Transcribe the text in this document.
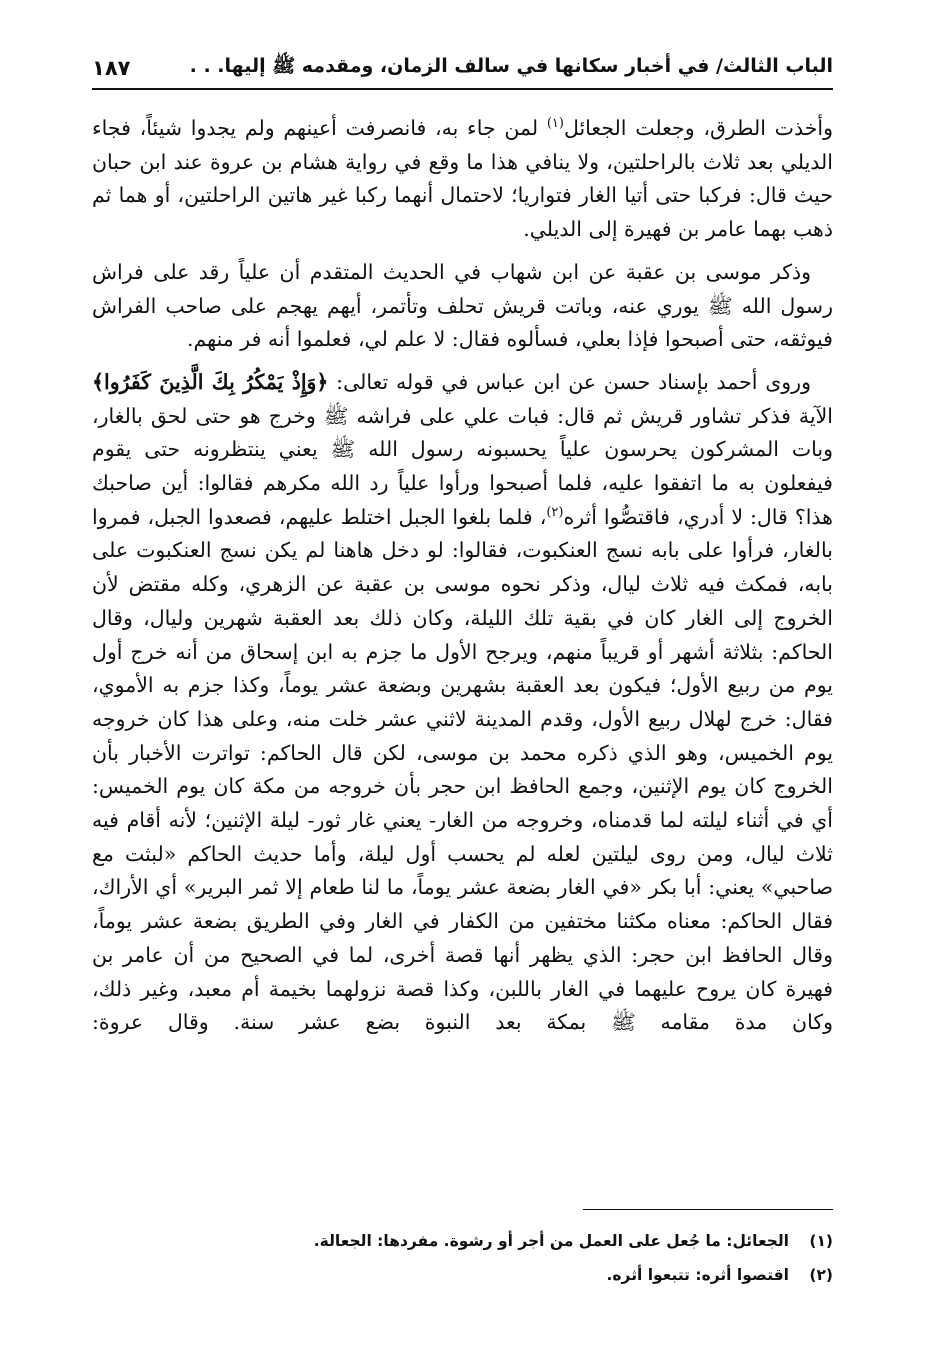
الباب الثالث/ في أخبار سكانها في سالف الزمان، ومقدمه ﷺ إليها. . .
١٨٧

وأخذت الطرق، وجعلت الجعائل$^{(١)}$ لمن جاء به، فانصرفت أعينهم ولم يجدوا شيئاً، فجاء الديلي بعد ثلاث بالراحلتين، ولا ينافي هذا ما وقع في رواية هشام بن عروة عند ابن حبان حيث قال: فركبا حتى أتيا الغار فتواريا؛ لاحتمال أنهما ركبا غير هاتين الراحلتين، أو هما ثم ذهب بهما عامر بن فهيرة إلى الديلي.

وذكر موسى بن عقبة عن ابن شهاب في الحديث المتقدم أن علياً رقد على فراش رسول الله ﷺ يوري عنه، وباتت قريش تحلف وتأتمر، أيهم يهجم على صاحب الفراش فيوثقه، حتى أصبحوا فإذا بعلي، فسألوه فقال: لا علم لي، فعلموا أنه فر منهم.

وروى أحمد بإسناد حسن عن ابن عباس في قوله تعالى: ﴿وَإِذْ يَمْكُرُ بِكَ الَّذِينَ كَفَرُوا﴾ الآية فذكر تشاور قريش ثم قال: فبات علي على فراشه ﷺ وخرج هو حتى لحق بالغار، وبات المشركون يحرسون علياً يحسبونه رسول الله ﷺ يعني ينتظرونه حتى يقوم فيفعلون به ما اتفقوا عليه، فلما أصبحوا ورأوا علياً رد الله مكرهم فقالوا: أين صاحبك هذا؟ قال: لا أدري، فاقتصُّوا أثره$^{(٢)}$، فلما بلغوا الجبل اختلط عليهم، فصعدوا الجبل، فمروا بالغار، فرأوا على بابه نسج العنكبوت، فقالوا: لو دخل هاهنا لم يكن نسج العنكبوت على بابه، فمكث فيه ثلاث ليال، وذكر نحوه موسى بن عقبة عن الزهري، وكله مقتض لأن الخروج إلى الغار كان في بقية تلك الليلة، وكان ذلك بعد العقبة شهرين وليال، وقال الحاكم: بثلاثة أشهر أو قريباً منهم، ويرجح الأول ما جزم به ابن إسحاق من أنه خرج أول يوم من ربيع الأول؛ فيكون بعد العقبة بشهرين وبضعة عشر يوماً، وكذا جزم به الأموي، فقال: خرج لهلال ربيع الأول، وقدم المدينة لاثني عشر خلت منه، وعلى هذا كان خروجه يوم الخميس، وهو الذي ذكره محمد بن موسى، لكن قال الحاكم: تواترت الأخبار بأن الخروج كان يوم الإثنين، وجمع الحافظ ابن حجر بأن خروجه من مكة كان يوم الخميس: أي في أثناء ليلته لما قدمناه، وخروجه من الغار- يعني غار ثور- ليلة الإثنين؛ لأنه أقام فيه ثلاث ليال، ومن روى ليلتين لعله لم يحسب أول ليلة، وأما حديث الحاكم «لبثت مع صاحبي» يعني: أبا بكر «في الغار بضعة عشر يوماً، ما لنا طعام إلا ثمر البرير» أي الأراك، فقال الحاكم: معناه مكثنا مختفين من الكفار في الغار وفي الطريق بضعة عشر يوماً، وقال الحافظ ابن حجر: الذي يظهر أنها قصة أخرى، لما في الصحيح من أن عامر بن فهيرة كان يروح عليهما في الغار باللبن، وكذا قصة نزولهما بخيمة أم معبد، وغير ذلك، وكان مدة مقامه ﷺ بمكة بعد النبوة بضع عشر سنة. وقال عروة:

(١)
الجعائل: ما جُعل على العمل من أجر أو رشوة. مفردها: الجعالة.
(٢)
اقتصوا أثره: تتبعوا أثره.
